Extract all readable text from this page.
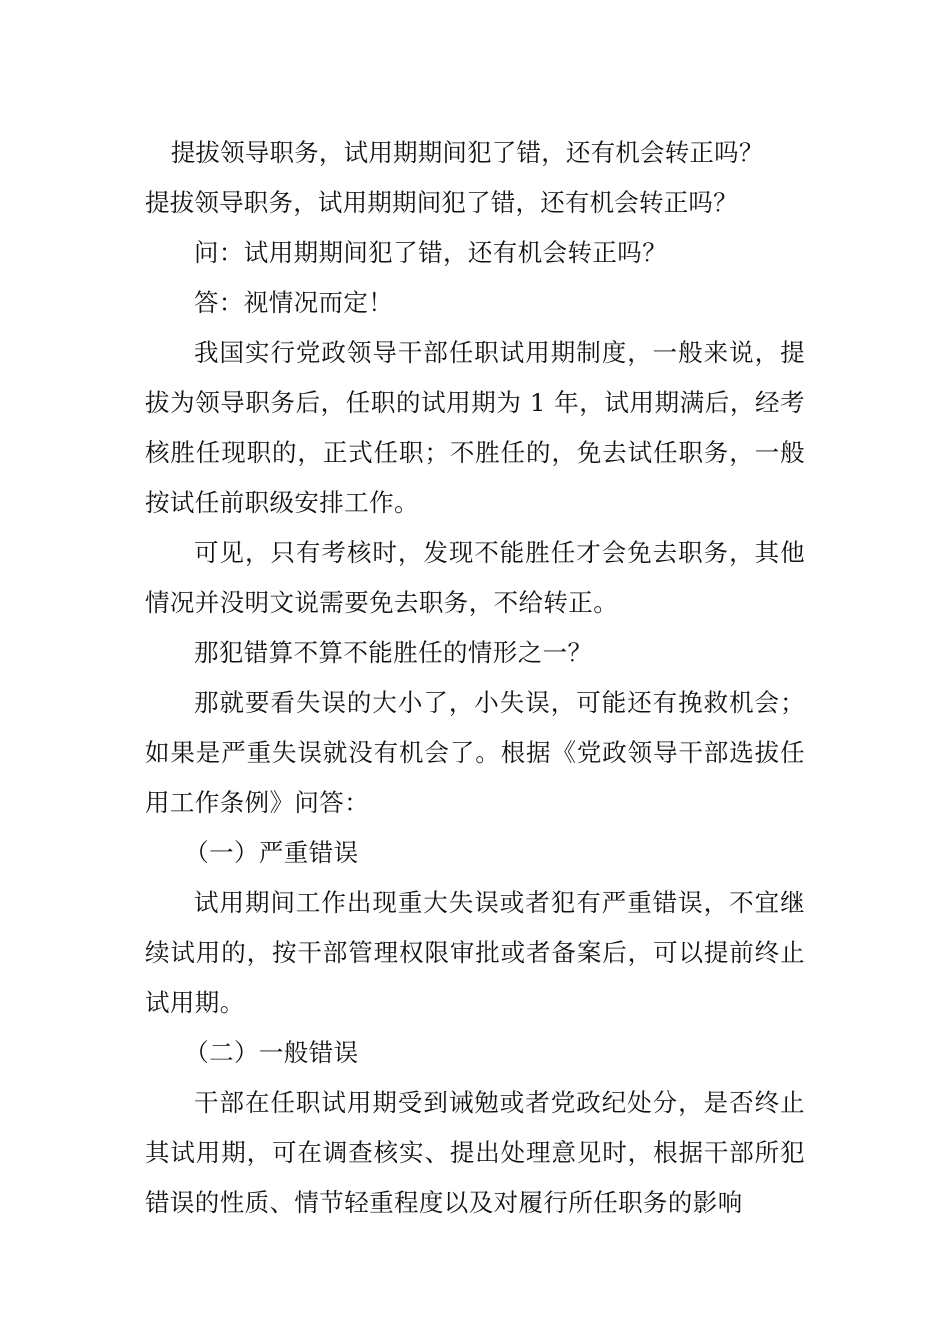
提拔领导职务，试用期期间犯了错，还有机会转正吗？

提拔领导职务，试用期期间犯了错，还有机会转正吗？

问：试用期期间犯了错，还有机会转正吗？

答：视情况而定！

我国实行党政领导干部任职试用期制度，一般来说，提拔为领导职务后，任职的试用期为 1 年，试用期满后，经考核胜任现职的，正式任职；不胜任的，免去试任职务，一般按试任前职级安排工作。

可见，只有考核时，发现不能胜任才会免去职务，其他情况并没明文说需要免去职务，不给转正。

那犯错算不算不能胜任的情形之一？

那就要看失误的大小了，小失误，可能还有挽救机会；如果是严重失误就没有机会了。根据《党政领导干部选拔任用工作条例》问答：

（一）严重错误

试用期间工作出现重大失误或者犯有严重错误，不宜继续试用的，按干部管理权限审批或者备案后，可以提前终止试用期。

（二）一般错误

干部在任职试用期受到诫勉或者党政纪处分，是否终止其试用期，可在调查核实、提出处理意见时，根据干部所犯错误的性质、情节轻重程度以及对履行所任职务的影响
